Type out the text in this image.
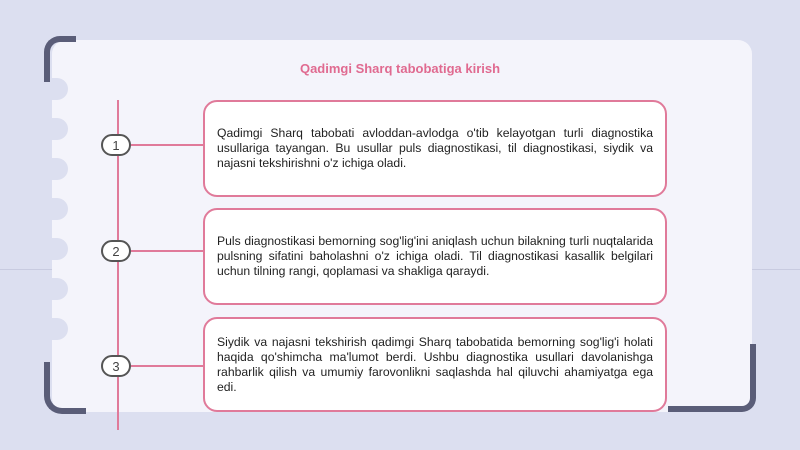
Qadimgi Sharq tabobatiga kirish
1

Qadimgi Sharq tabobati avloddan-avlodga o'tib kelayotgan turli diagnostika usullariga tayangan. Bu usullar puls diagnostikasi, til diagnostikasi, siydik va najasni tekshirishni o'z ichiga oladi.

2

Puls diagnostikasi bemorning sog'lig'ini aniqlash uchun bilakning turli nuqtalarida pulsning sifatini baholashni o'z ichiga oladi. Til diagnostikasi kasallik belgilari uchun tilning rangi, qoplamasi va shakliga qaraydi.

3

Siydik va najasni tekshirish qadimgi Sharq tabobatida bemorning sog'lig'i holati haqida qo'shimcha ma'lumot berdi. Ushbu diagnostika usullari davolanishga rahbarlik qilish va umumiy farovonlikni saqlashda hal qiluvchi ahamiyatga ega edi.
